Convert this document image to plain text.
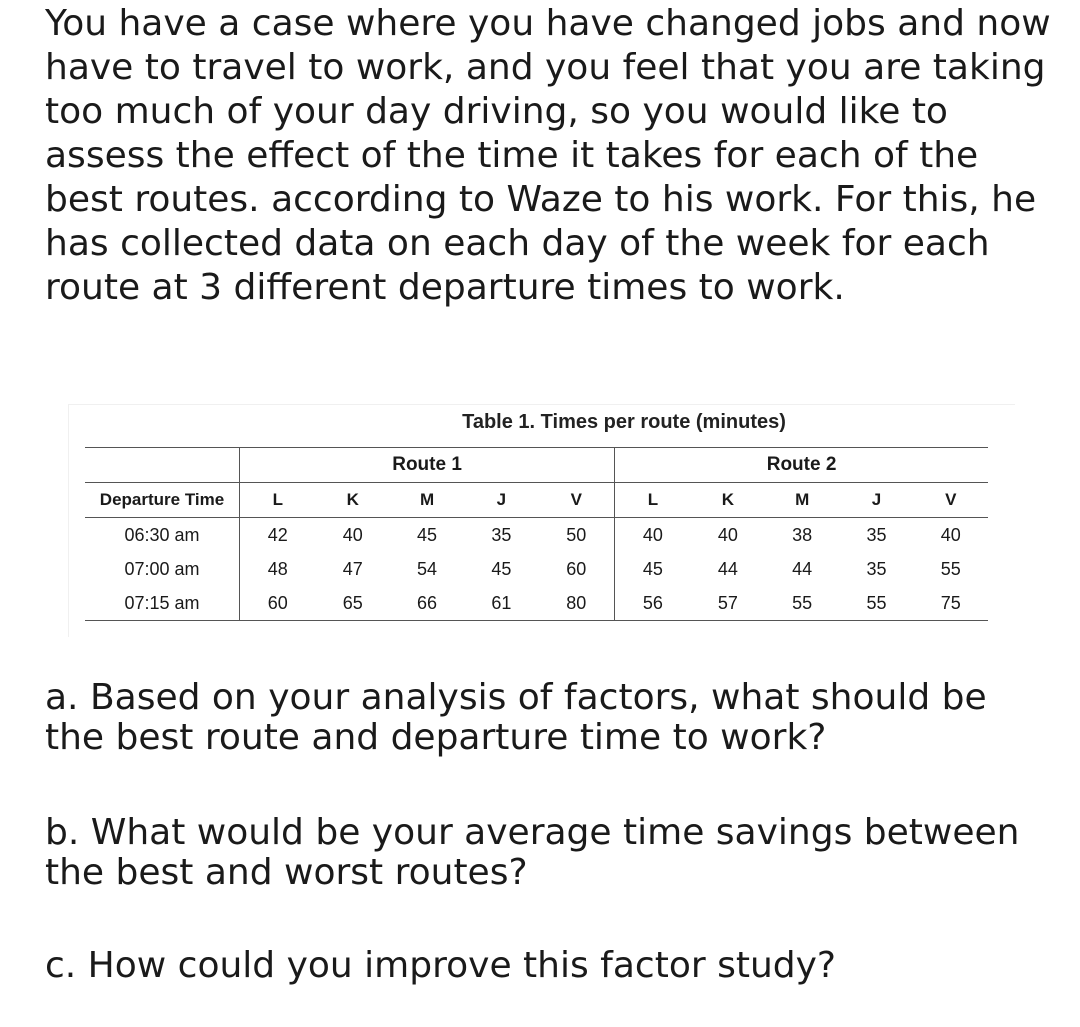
You have a case where you have changed jobs and now have to travel to work, and you feel that you are taking too much of your day driving, so you would like to assess the effect of the time it takes for each of the best routes. according to Waze to his work. For this, he has collected data on each day of the week for each route at 3 different departure times to work.

Table 1. Times per route (minutes)
	Route 1					Route 2				
Departure Time	L	K	M	J	V	L	K	M	J	V
06:30 am	42	40	45	35	50	40	40	38	35	40
07:00 am	48	47	54	45	60	45	44	44	35	55
07:15 am	60	65	66	61	80	56	57	55	55	75

a. Based on your analysis of factors, what should be the best route and departure time to work?

b. What would be your average time savings between the best and worst routes?

c. How could you improve this factor study?
